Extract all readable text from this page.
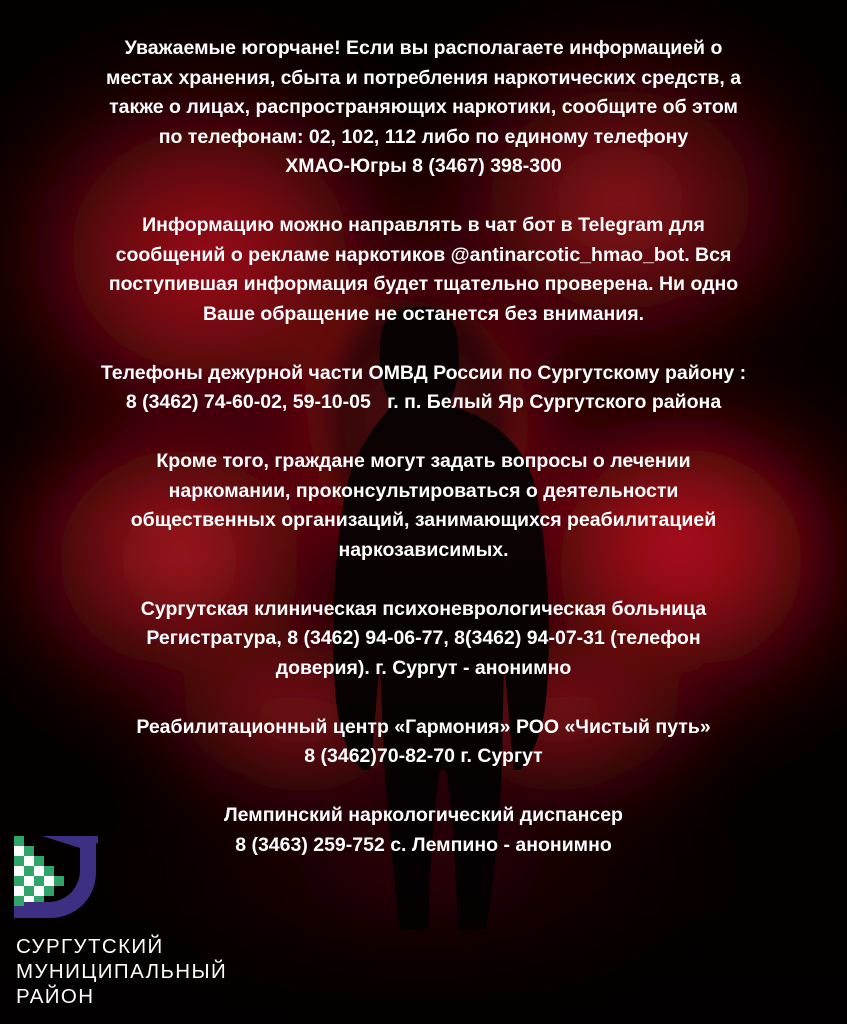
Уважаемые югорчане! Если вы располагаете информацией о
местах хранения, сбыта и потребления наркотических средств, а
также о лицах, распространяющих наркотики, сообщите об этом
по телефонам: 02, 102, 112 либо по единому телефону
ХМАО-Югры 8 (3467) 398-300
Информацию можно направлять в чат бот в Telegram для
сообщений о рекламе наркотиков @antinarcotic_hmao_bot. Вся
поступившая информация будет тщательно проверена. Ни одно
Ваше обращение не останется без внимания.
Телефоны дежурной части ОМВД России по Сургутскому району :
8 (3462) 74-60-02, 59-10-05   г. п. Белый Яр Сургутского района
Кроме того, граждане могут задать вопросы о лечении
наркомании, проконсультироваться о деятельности
общественных организаций, занимающихся реабилитацией
наркозависимых.
Сургутская клиническая психоневрологическая больница
Регистратура, 8 (3462) 94-06-77, 8(3462) 94-07-31 (телефон
доверия). г. Сургут - анонимно
Реабилитационный центр «Гармония» РОО «Чистый путь»
8 (3462)70-82-70 г. Сургут
Лемпинский наркологический диспансер
8 (3463) 259-752 с. Лемпино - анонимно
СУРГУТСКИЙ
МУНИЦИПАЛЬНЫЙ
РАЙОН
